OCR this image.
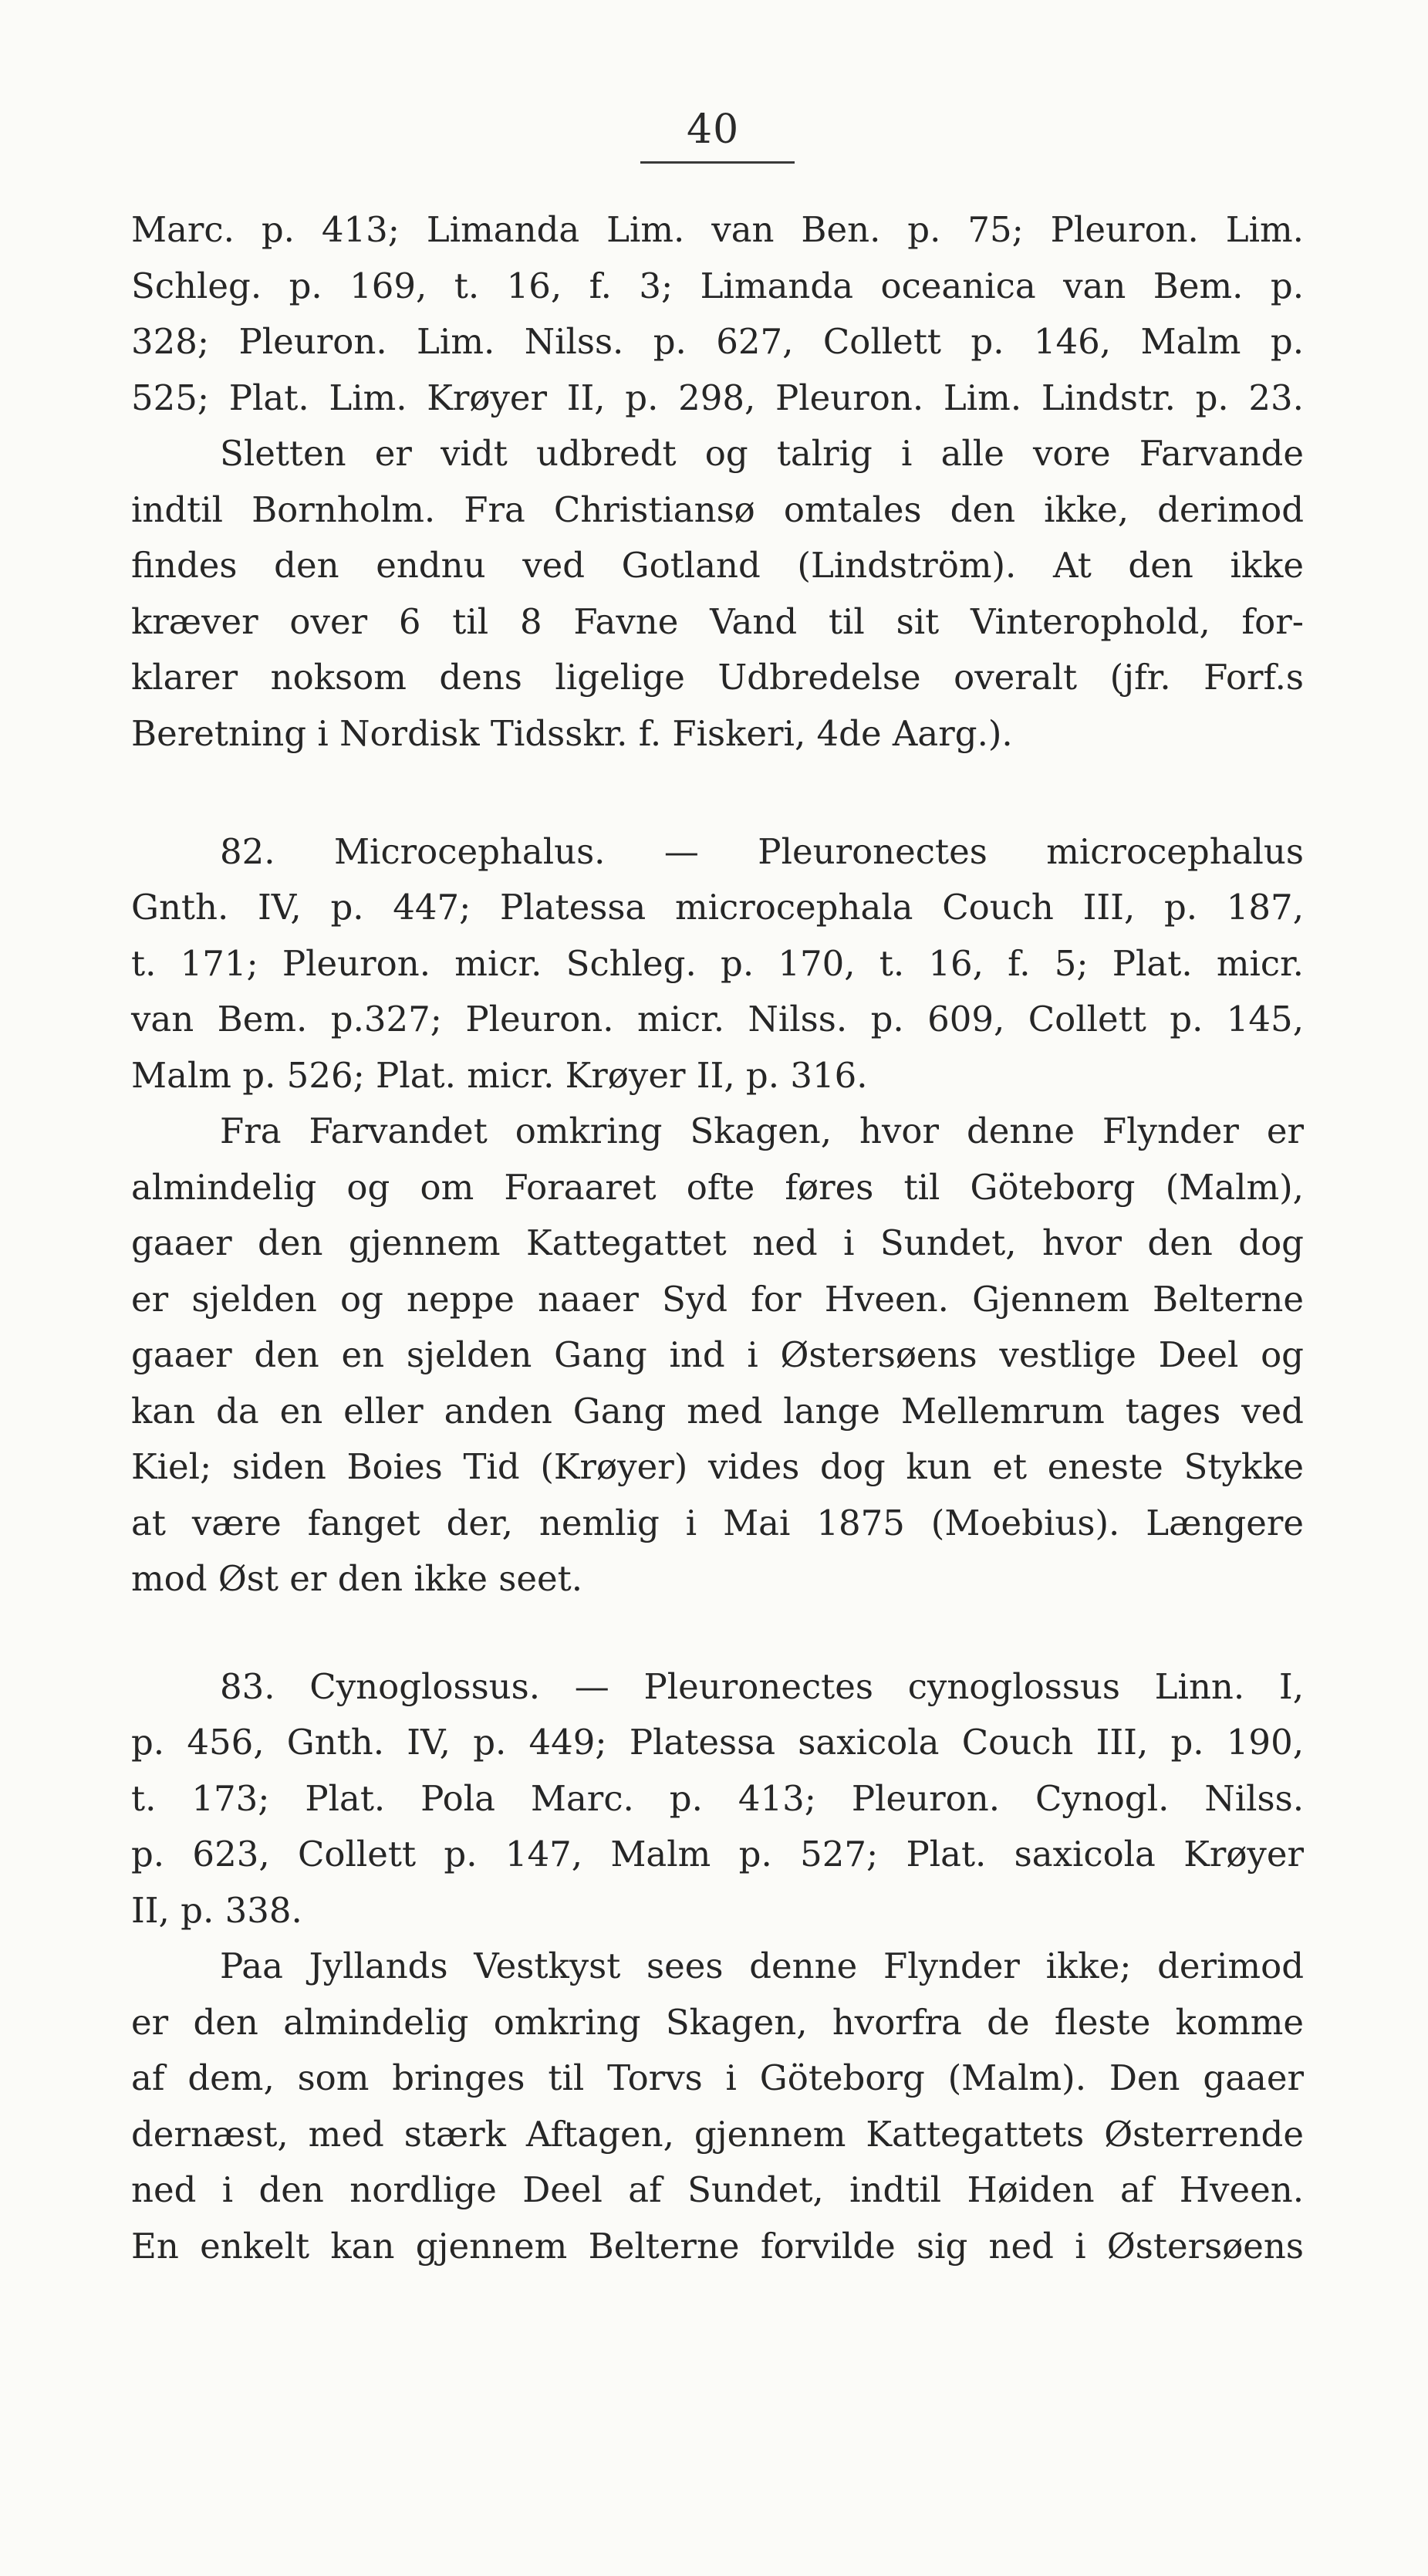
40
Marc. p. 413; Limanda Lim. van Ben. p. 75; Pleuron. Lim.
Schleg. p. 169, t. 16, f. 3; Limanda oceanica van Bem. p.
328; Pleuron. Lim. Nilss. p. 627, Collett p. 146, Malm p.
525; Plat. Lim. Krøyer II, p. 298, Pleuron. Lim. Lindstr. p. 23.
Sletten er vidt udbredt og talrig i alle vore Farvande
indtil Bornholm. Fra Christiansø omtales den ikke, derimod
findes den endnu ved Gotland (Lindström). At den ikke
kræver over 6 til 8 Favne Vand til sit Vinterophold, for-
klarer noksom dens ligelige Udbredelse overalt (jfr. Forf.s
Beretning i Nordisk Tidsskr. f. Fiskeri, 4de Aarg.).
82. Microcephalus. — Pleuronectes microcephalus
Gnth. IV, p. 447; Platessa microcephala Couch III, p. 187,
t. 171; Pleuron. micr. Schleg. p. 170, t. 16, f. 5; Plat. micr.
van Bem. p.327; Pleuron. micr. Nilss. p. 609, Collett p. 145,
Malm p. 526; Plat. micr. Krøyer II, p. 316.
Fra Farvandet omkring Skagen, hvor denne Flynder er
almindelig og om Foraaret ofte føres til Göteborg (Malm),
gaaer den gjennem Kattegattet ned i Sundet, hvor den dog
er sjelden og neppe naaer Syd for Hveen. Gjennem Belterne
gaaer den en sjelden Gang ind i Østersøens vestlige Deel og
kan da en eller anden Gang med lange Mellemrum tages ved
Kiel; siden Boies Tid (Krøyer) vides dog kun et eneste Stykke
at være fanget der, nemlig i Mai 1875 (Moebius). Længere
mod Øst er den ikke seet.
83. Cynoglossus. — Pleuronectes cynoglossus Linn. I,
p. 456, Gnth. IV, p. 449; Platessa saxicola Couch III, p. 190,
t. 173; Plat. Pola Marc. p. 413; Pleuron. Cynogl. Nilss.
p. 623, Collett p. 147, Malm p. 527; Plat. saxicola Krøyer
II, p. 338.
Paa Jyllands Vestkyst sees denne Flynder ikke; derimod
er den almindelig omkring Skagen, hvorfra de fleste komme
af dem, som bringes til Torvs i Göteborg (Malm). Den gaaer
dernæst, med stærk Aftagen, gjennem Kattegattets Østerrende
ned i den nordlige Deel af Sundet, indtil Høiden af Hveen.
En enkelt kan gjennem Belterne forvilde sig ned i Østersøens
